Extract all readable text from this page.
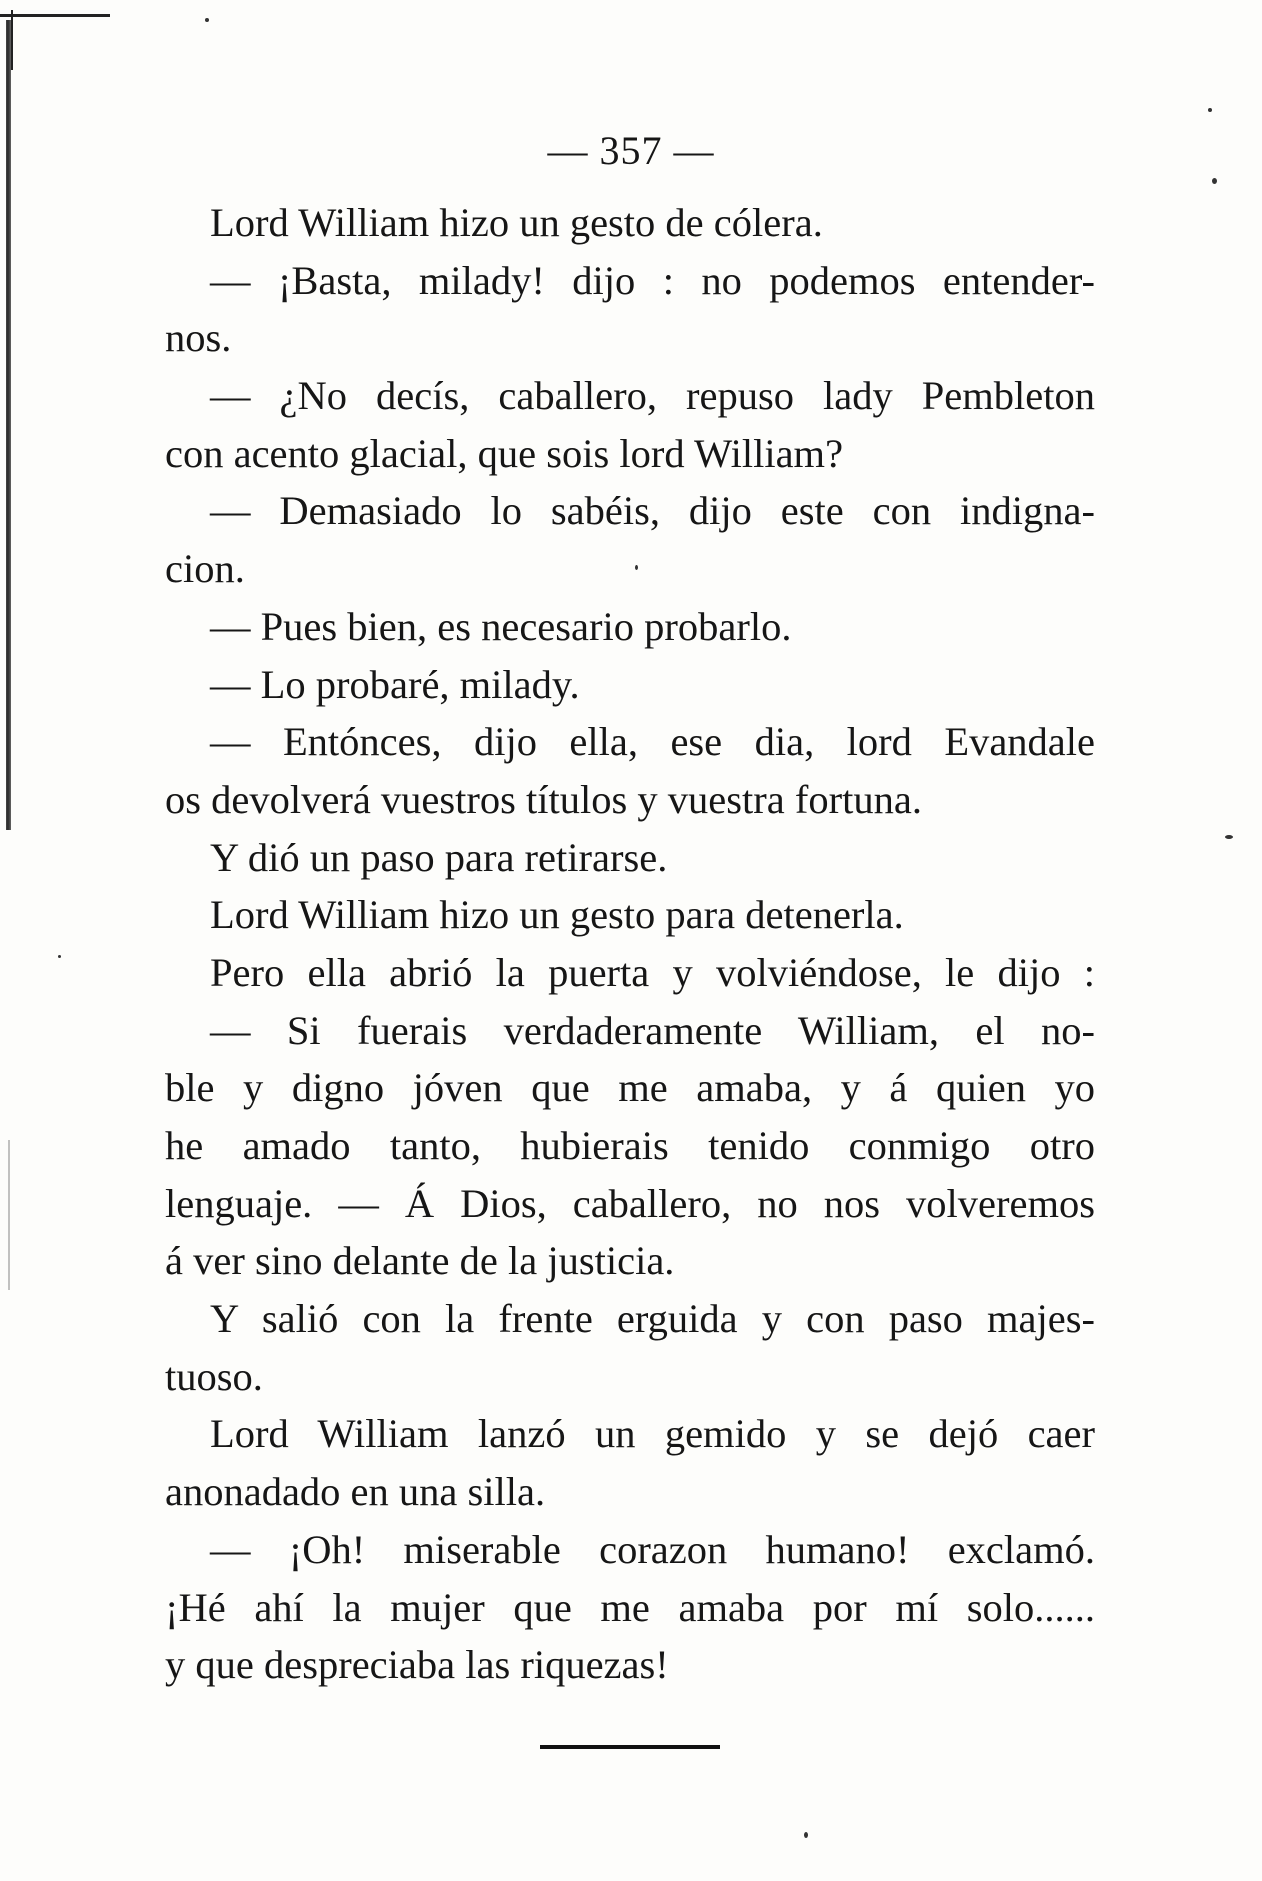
— 357 —
Lord William hizo un gesto de cólera.
— ¡Basta, milady! dijo : no podemos entender-
nos.
— ¿No decís, caballero, repuso lady Pembleton
con acento glacial, que sois lord William?
— Demasiado lo sabéis, dijo este con indigna-
cion.
— Pues bien, es necesario probarlo.
— Lo probaré, milady.
— Entónces, dijo ella, ese dia, lord Evandale
os devolverá vuestros títulos y vuestra fortuna.
Y dió un paso para retirarse.
Lord William hizo un gesto para detenerla.
Pero ella abrió la puerta y volviéndose, le dijo :
— Si fuerais verdaderamente William, el no-
ble y digno jóven que me amaba, y á quien yo
he amado tanto, hubierais tenido conmigo otro
lenguaje. — Á Dios, caballero, no nos volveremos
á ver sino delante de la justicia.
Y salió con la frente erguida y con paso majes-
tuoso.
Lord William lanzó un gemido y se dejó caer
anonadado en una silla.
— ¡Oh! miserable corazon humano! exclamó.
¡Hé ahí la mujer que me amaba por mí solo......
y que despreciaba las riquezas!
